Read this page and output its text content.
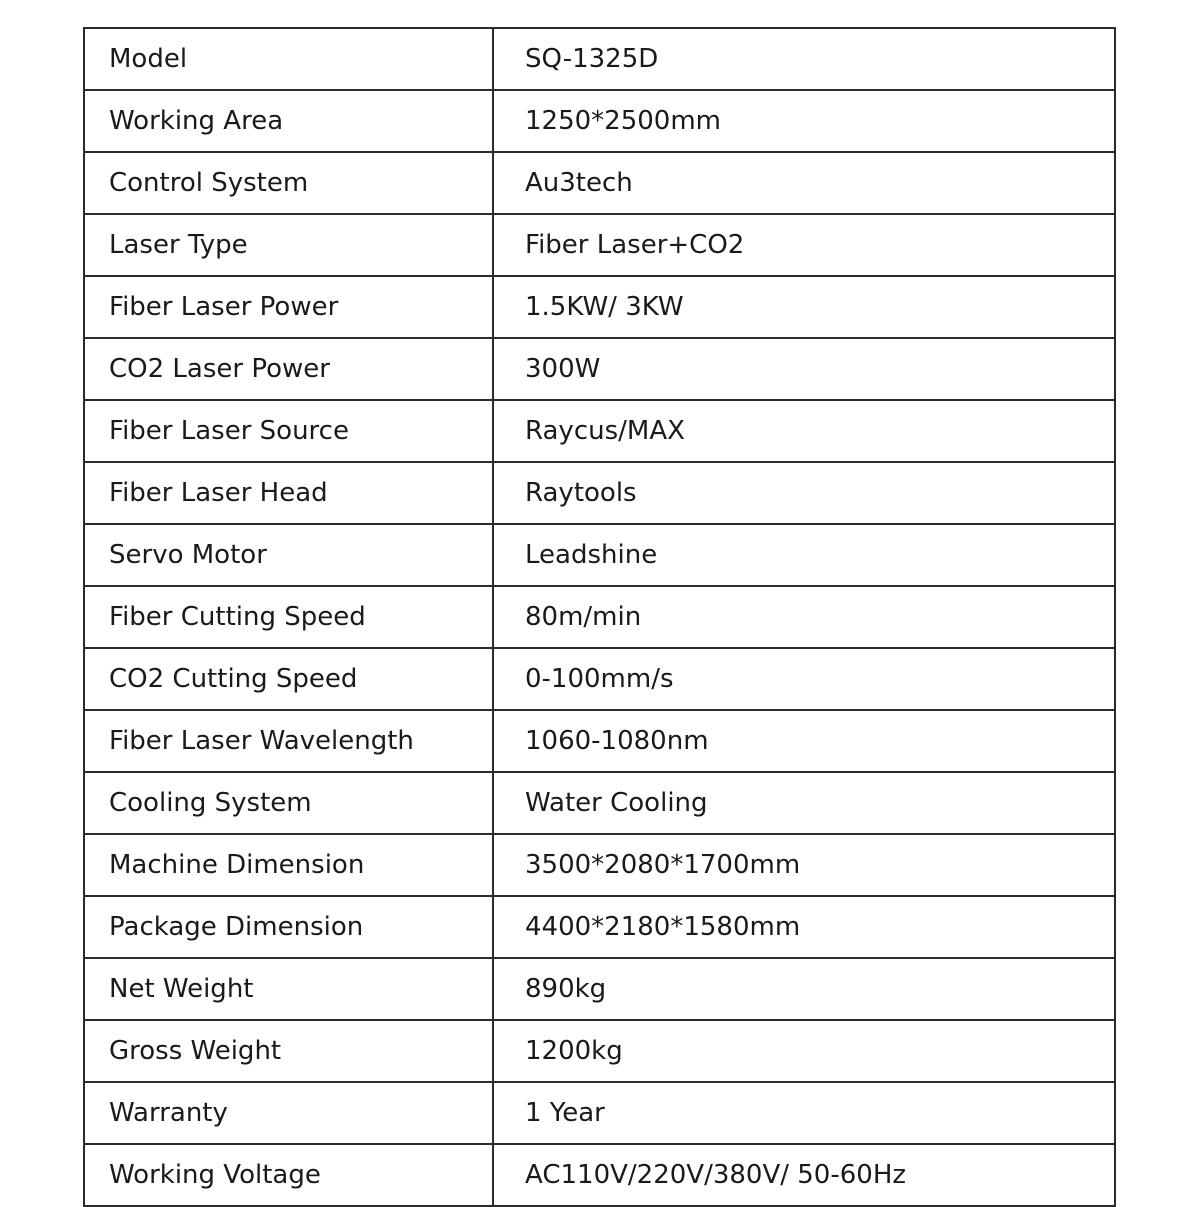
Model	SQ-1325D
Working Area	1250*2500mm
Control System	Au3tech
Laser Type	Fiber Laser+CO2
Fiber Laser Power	1.5KW/ 3KW
CO2 Laser Power	300W
Fiber Laser Source	Raycus/MAX
Fiber Laser Head	Raytools
Servo Motor	Leadshine
Fiber Cutting Speed	80m/min
CO2 Cutting Speed	0-100mm/s
Fiber Laser Wavelength	1060-1080nm
Cooling System	Water Cooling
Machine Dimension	3500*2080*1700mm
Package Dimension	4400*2180*1580mm
Net Weight	890kg
Gross Weight	1200kg
Warranty	1 Year
Working Voltage	AC110V/220V/380V/ 50-60Hz
